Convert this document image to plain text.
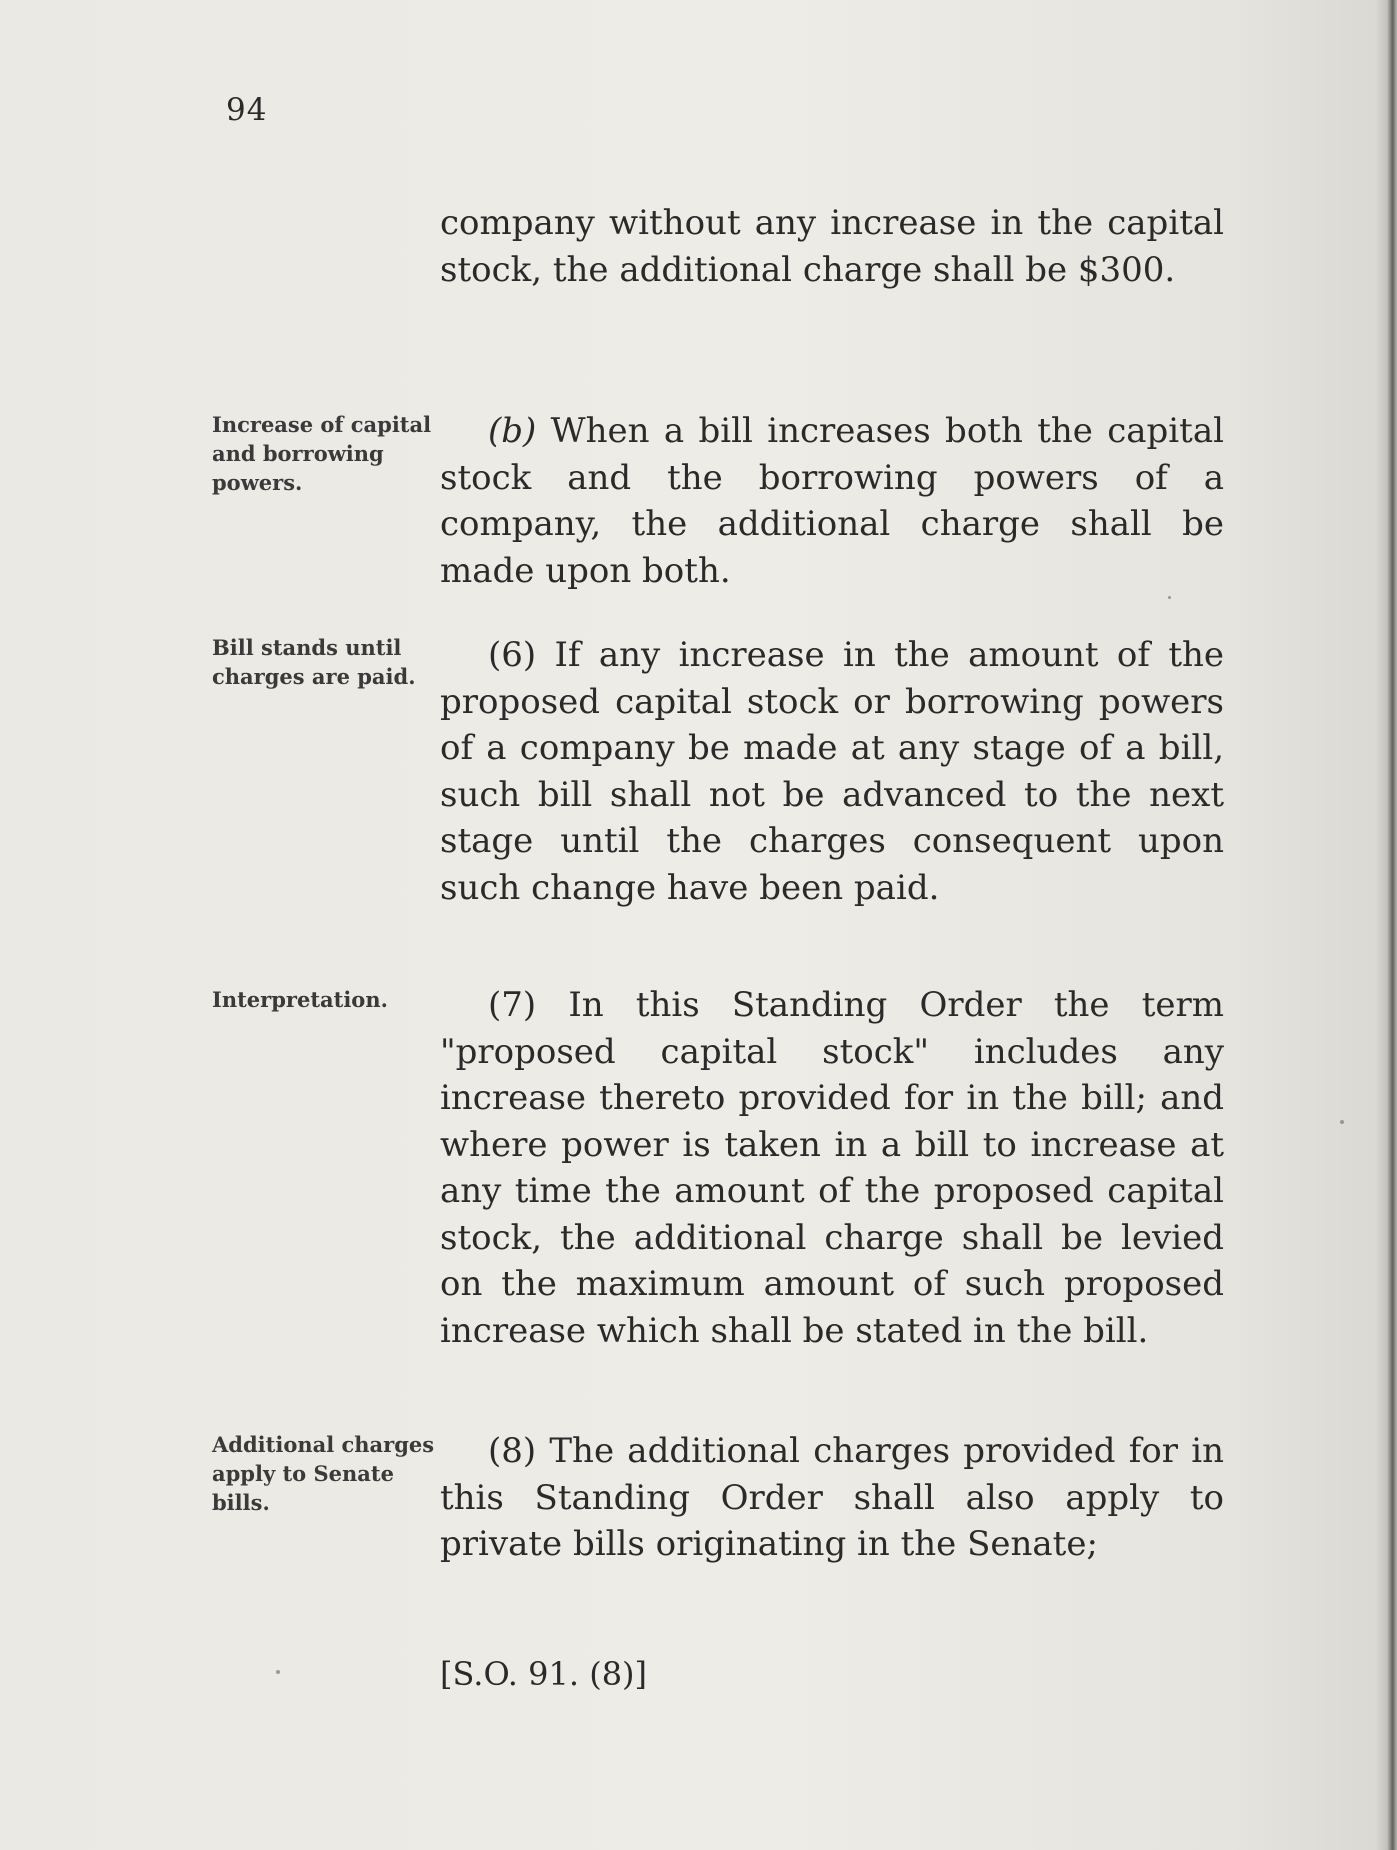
94

company without any increase in the capital stock, the additional charge shall be $300.

Increase of capital and borrowing powers.

(b) When a bill increases both the capital stock and the borrowing powers of a company, the additional charge shall be made upon both.

Bill stands until charges are paid.

(6) If any increase in the amount of the proposed capital stock or borrowing powers of a company be made at any stage of a bill, such bill shall not be advanced to the next stage until the charges consequent upon such change have been paid.

Interpretation.	(7) In this Standing Order the term "proposed capital stock" includes any increase thereto provided for in the bill; and where power is taken in a bill to increase at any time the amount of the proposed capital stock, the additional charge shall be levied on the maximum amount of such proposed increase which shall be stated in the bill.

Additional charges apply to Senate bills.

(8) The additional charges provided for in this Standing Order shall also apply to private bills originating in the Senate;

[S.O. 91. (8)]
